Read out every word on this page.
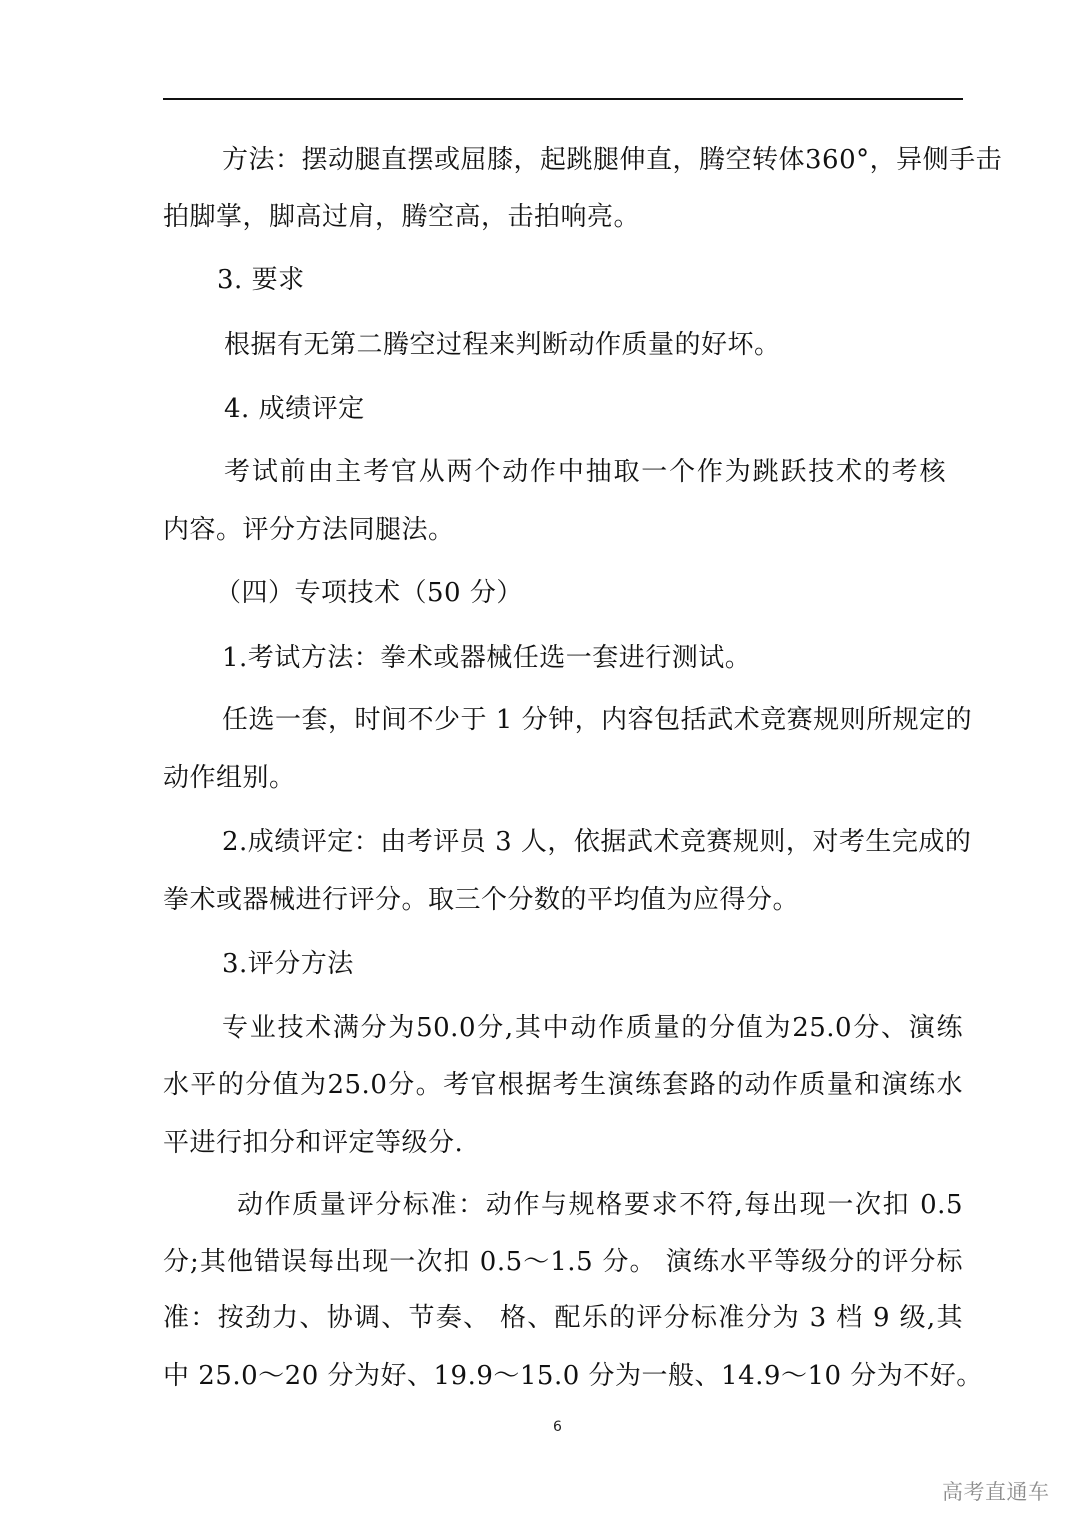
方法：摆动腿直摆或屈膝，起跳腿伸直，腾空转体360°，异侧手击
拍脚掌，脚高过肩，腾空高，击拍响亮。
3. 要求
根据有无第二腾空过程来判断动作质量的好坏。
4. 成绩评定
考试前由主考官从两个动作中抽取一个作为跳跃技术的考核
内容。评分方法同腿法。
（四）专项技术（50 分）
1.考试方法：拳术或器械任选一套进行测试。
任选一套，时间不少于 1 分钟，内容包括武术竞赛规则所规定的
动作组别。
2.成绩评定：由考评员 3 人，依据武术竞赛规则，对考生完成的
拳术或器械进行评分。取三个分数的平均值为应得分。
3.评分方法
专业技术满分为50.0分,其中动作质量的分值为25.0分、演练
水平的分值为25.0分。考官根据考生演练套路的动作质量和演练水
平进行扣分和评定等级分.
动作质量评分标准：动作与规格要求不符,每出现一次扣 0.5
分;其他错误每出现一次扣 0.5～1.5 分。 演练水平等级分的评分标
准：按劲力、协调、节奏、 格、配乐的评分标准分为 3 档 9 级,其
中 25.0～20 分为好、19.9～15.0 分为一般、14.9～10 分为不好。
6
高考直通车
